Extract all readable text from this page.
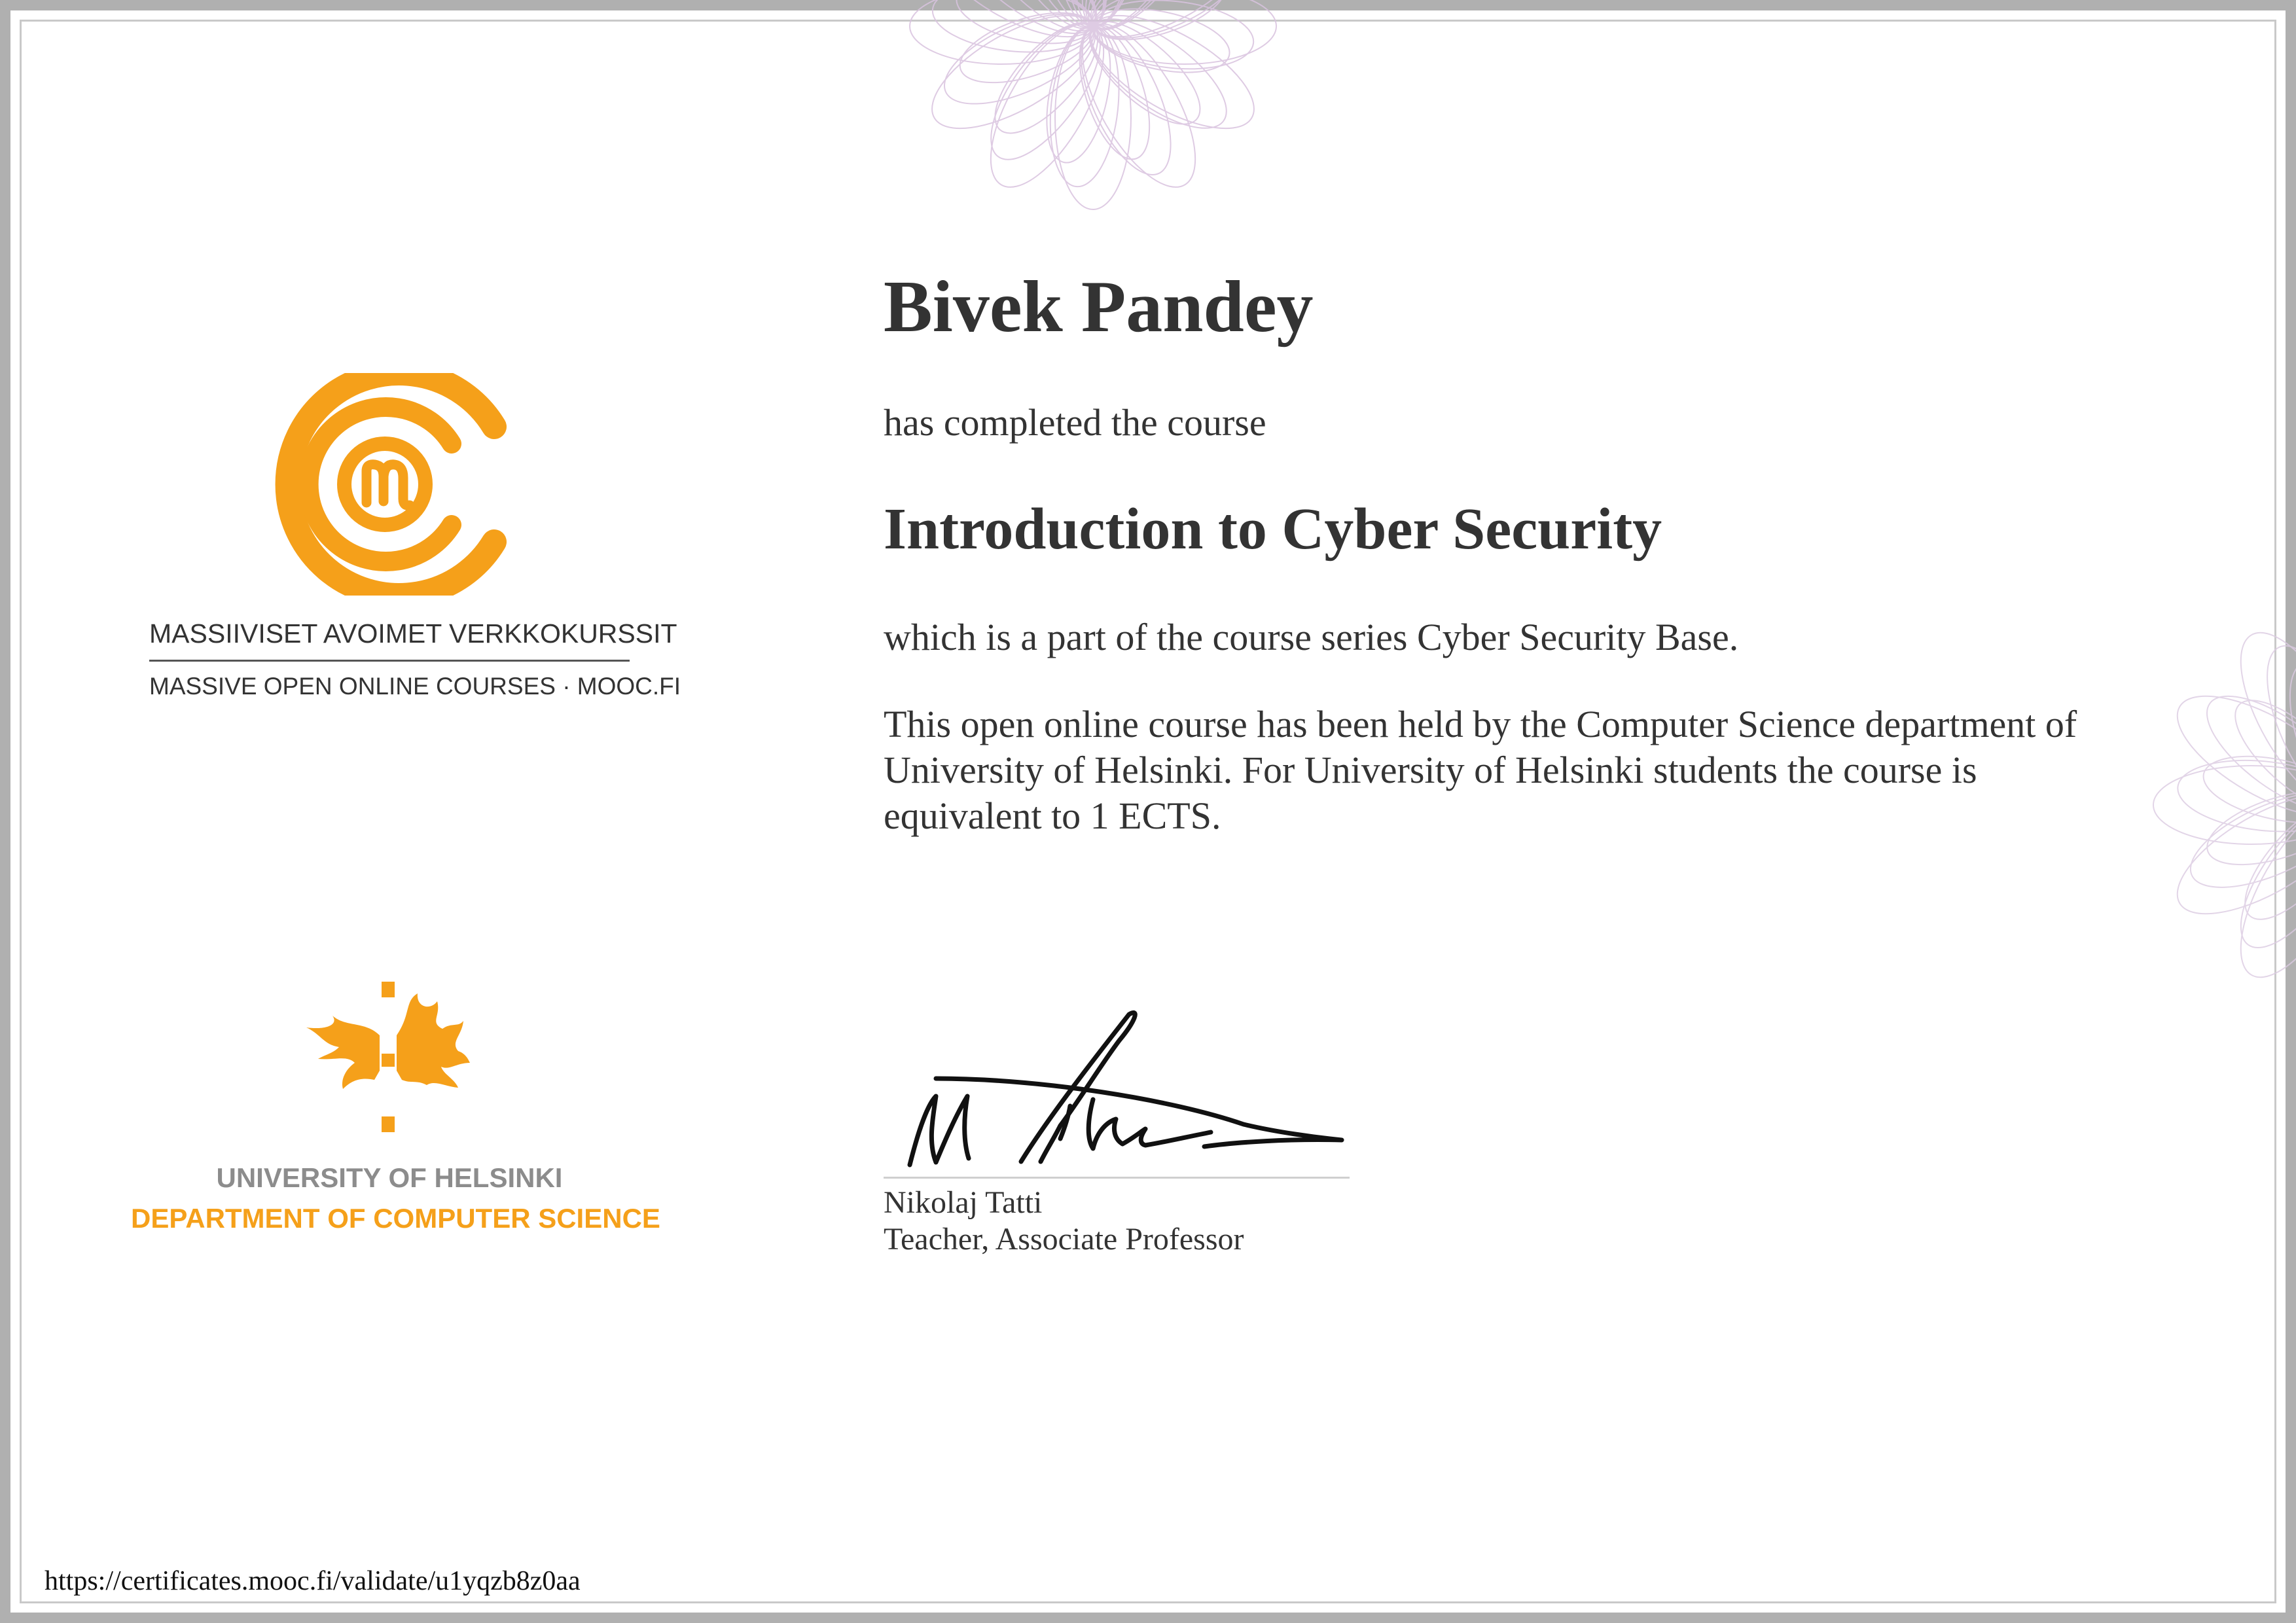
MASSIIVISET AVOIMET VERKKOKURSSIT
MASSIVE OPEN ONLINE COURSES · MOOC.FI
UNIVERSITY OF HELSINKI
DEPARTMENT OF COMPUTER SCIENCE
Bivek Pandey
has completed the course
Introduction to Cyber Security
which is a part of the course series Cyber Security Base.
This open online course has been held by the Computer Science department of University of Helsinki. For University of Helsinki students the course is equivalent to 1 ECTS.
Nikolaj Tatti
Teacher, Associate Professor
https://certificates.mooc.fi/validate/u1yqzb8z0aa
